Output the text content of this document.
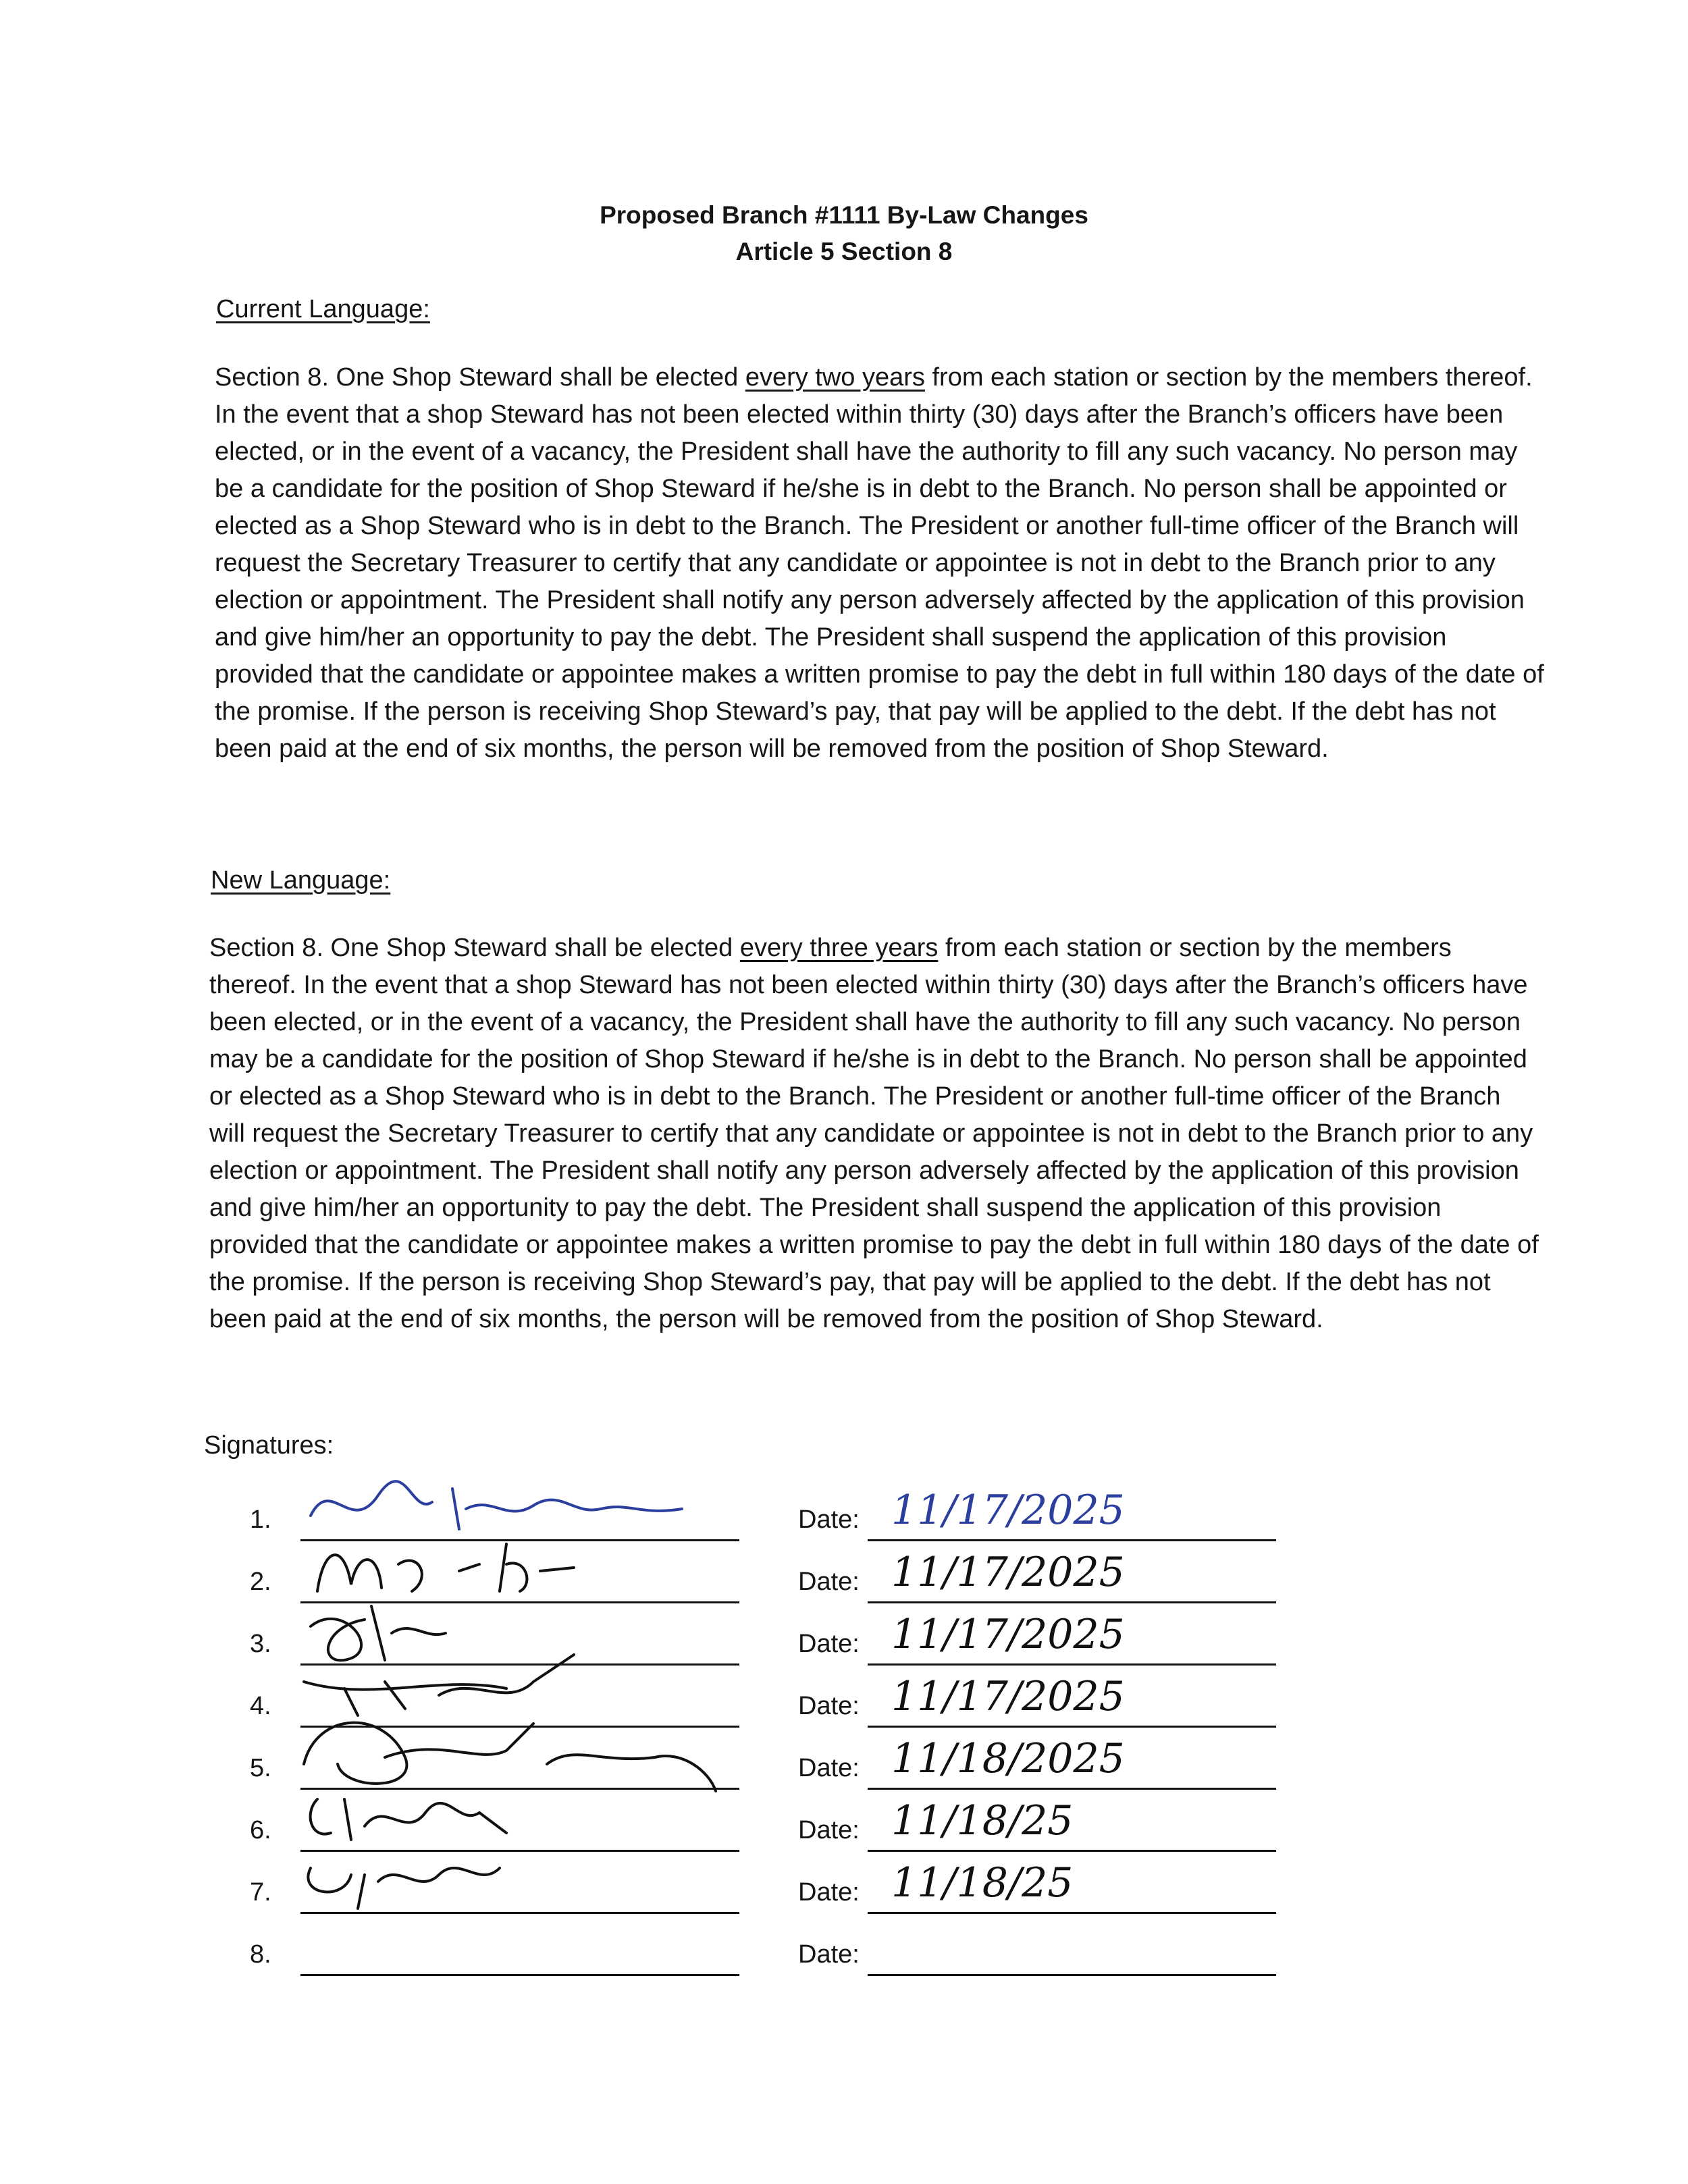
Proposed Branch #1111 By-Law Changes
Article 5 Section 8
Current Language:
Section 8. One Shop Steward shall be elected every two years from each station or section by the members thereof. In the event that a shop Steward has not been elected within thirty (30) days after the Branch’s officers have been elected, or in the event of a vacancy, the President shall have the authority to fill any such vacancy. No person may be a candidate for the position of Shop Steward if he/she is in debt to the Branch. No person shall be appointed or elected as a Shop Steward who is in debt to the Branch. The President or another full-time officer of the Branch will request the Secretary Treasurer to certify that any candidate or appointee is not in debt to the Branch prior to any election or appointment. The President shall notify any person adversely affected by the application of this provision and give him/her an opportunity to pay the debt. The President shall suspend the application of this provision provided that the candidate or appointee makes a written promise to pay the debt in full within 180 days of the date of the promise. If the person is receiving Shop Steward’s pay, that pay will be applied to the debt. If the debt has not been paid at the end of six months, the person will be removed from the position of Shop Steward.
New Language:
Section 8. One Shop Steward shall be elected every three years from each station or section by the members thereof. In the event that a shop Steward has not been elected within thirty (30) days after the Branch’s officers have been elected, or in the event of a vacancy, the President shall have the authority to fill any such vacancy. No person may be a candidate for the position of Shop Steward if he/she is in debt to the Branch. No person shall be appointed or elected as a Shop Steward who is in debt to the Branch. The President or another full-time officer of the Branch will request the Secretary Treasurer to certify that any candidate or appointee is not in debt to the Branch prior to any election or appointment. The President shall notify any person adversely affected by the application of this provision and give him/her an opportunity to pay the debt. The President shall suspend the application of this provision provided that the candidate or appointee makes a written promise to pay the debt in full within 180 days of the date of the promise. If the person is receiving Shop Steward’s pay, that pay will be applied to the debt. If the debt has not been paid at the end of six months, the person will be removed from the position of Shop Steward.
Signatures:
1.	Date: 11/17/2025
2.	Date: 11/17/2025
3.	Date: 11/17/2025
4.	Date: 11/17/2025
5.	Date: 11/18/2025
6.	Date: 11/18/25
7.	Date: 11/18/25
8.	Date:
